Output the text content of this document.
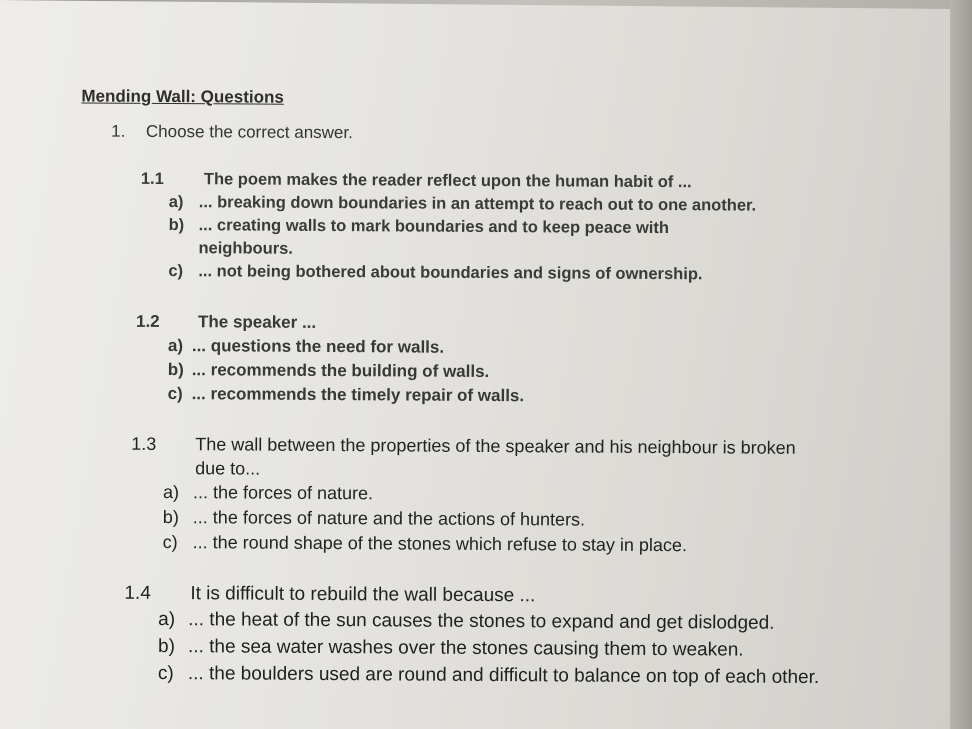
Mending Wall: Questions
1. Choose the correct answer.
1.1	The poem makes the reader reflect upon the human habit of ...
a) ... breaking down boundaries in an attempt to reach out to one another.
b) ... creating walls to mark boundaries and to keep peace with neighbours.
c) ... not being bothered about boundaries and signs of ownership.
1.2	The speaker ...
a) ... questions the need for walls.
b) ... recommends the building of walls.
c) ... recommends the timely repair of walls.
1.3	The wall between the properties of the speaker and his neighbour is broken due to...
a) ... the forces of nature.
b) ... the forces of nature and the actions of hunters.
c) ... the round shape of the stones which refuse to stay in place.
1.4	It is difficult to rebuild the wall because ...
a) ... the heat of the sun causes the stones to expand and get dislodged.
b) ... the sea water washes over the stones causing them to weaken.
c) ... the boulders used are round and difficult to balance on top of each other.
